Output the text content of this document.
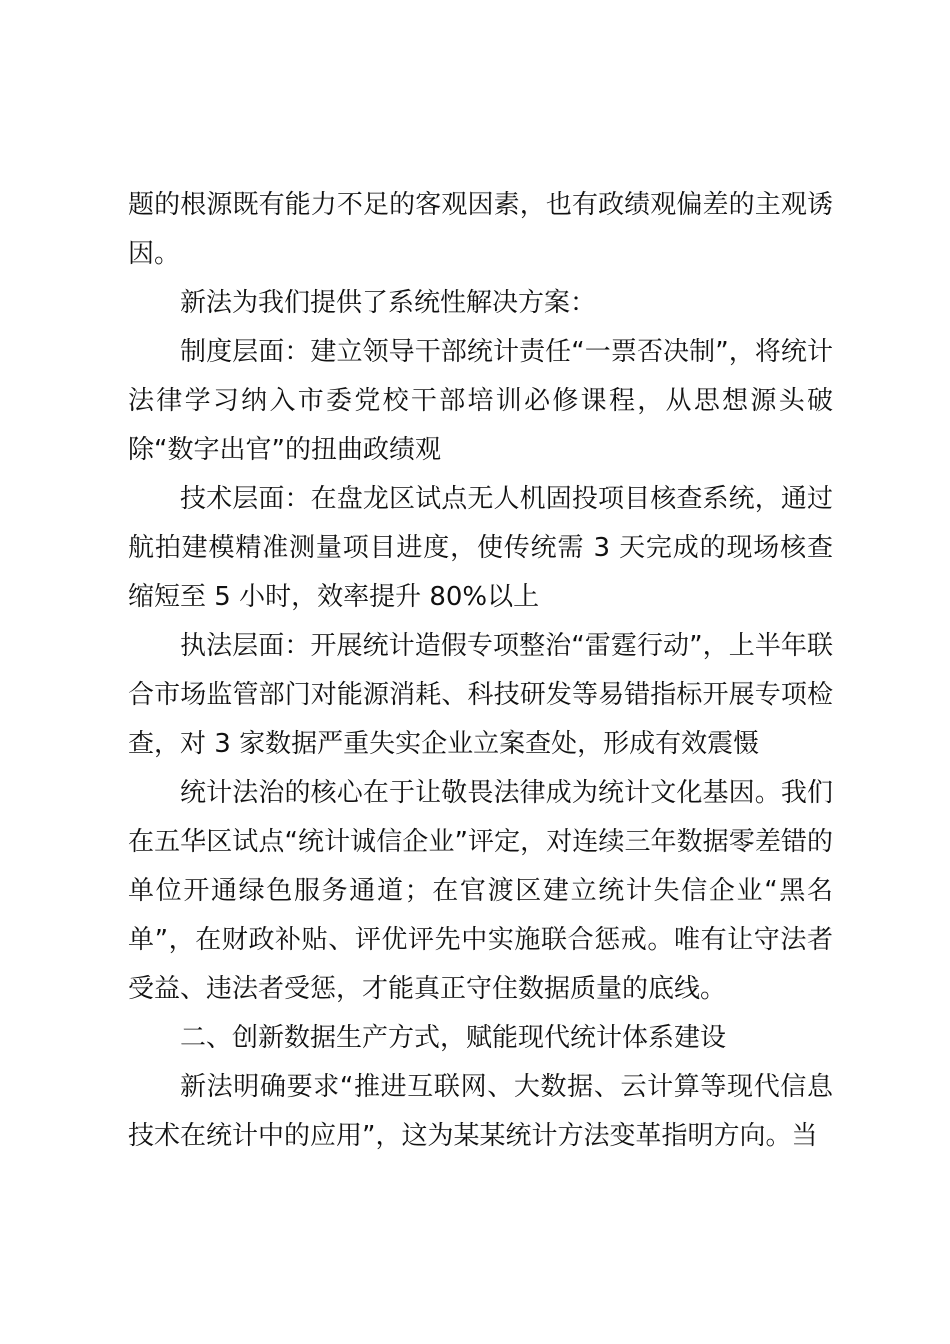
题的根源既有能力不足的客观因素，也有政绩观偏差的主观诱因。

新法为我们提供了系统性解决方案：

制度层面：建立领导干部统计责任“一票否决制”，将统计法律学习纳入市委党校干部培训必修课程，从思想源头破除“数字出官”的扭曲政绩观

技术层面：在盘龙区试点无人机固投项目核查系统，通过航拍建模精准测量项目进度，使传统需 3 天完成的现场核查缩短至 5 小时，效率提升 80%以上

执法层面：开展统计造假专项整治“雷霆行动”，上半年联合市场监管部门对能源消耗、科技研发等易错指标开展专项检查，对 3 家数据严重失实企业立案查处，形成有效震慑

统计法治的核心在于让敬畏法律成为统计文化基因。我们在五华区试点“统计诚信企业”评定，对连续三年数据零差错的单位开通绿色服务通道；在官渡区建立统计失信企业“黑名单”，在财政补贴、评优评先中实施联合惩戒。唯有让守法者受益、违法者受惩，才能真正守住数据质量的底线。

二、创新数据生产方式，赋能现代统计体系建设

新法明确要求“推进互联网、大数据、云计算等现代信息技术在统计中的应用”，这为某某统计方法变革指明方向。当
